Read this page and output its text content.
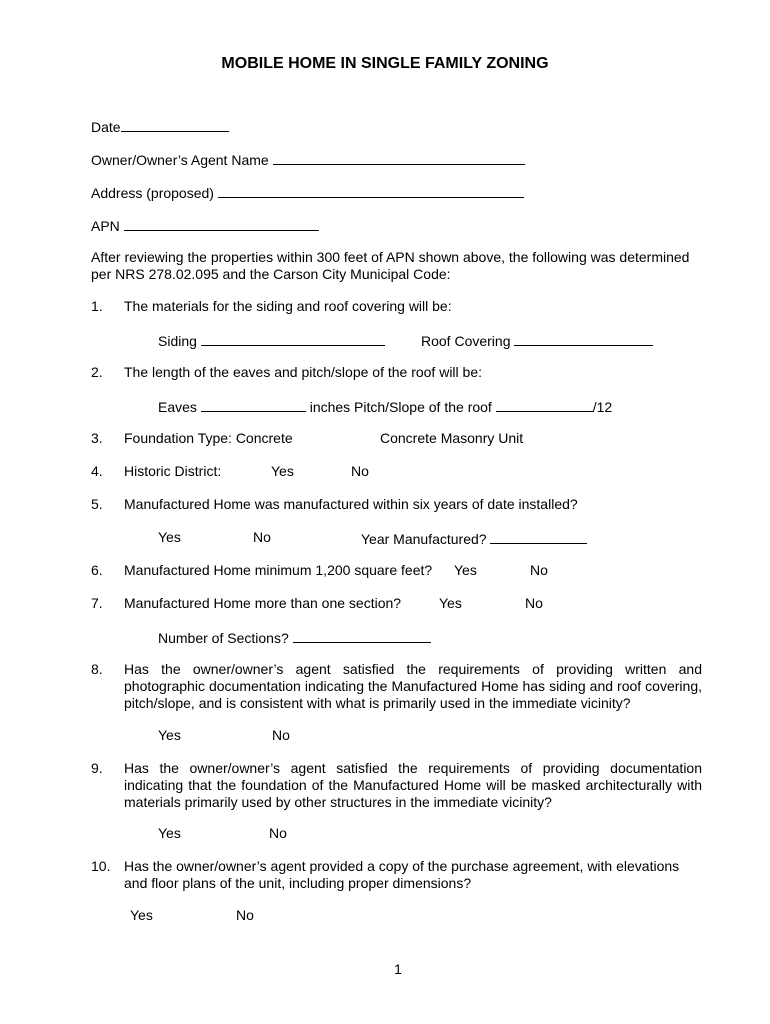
MOBILE HOME IN SINGLE FAMILY ZONING
Date
Owner/Owner’s Agent Name
Address (proposed)
APN
After reviewing the properties within 300 feet of APN shown above, the following was determined per NRS 278.02.095 and the Carson City Municipal Code:
1. The materials for the siding and roof covering will be:
Siding	Roof Covering
2. The length of the eaves and pitch/slope of the roof will be:
Eaves	inches Pitch/Slope of the roof	/12
3. Foundation Type: Concrete	Concrete Masonry Unit
4. Historic District:	Yes	No
5. Manufactured Home was manufactured within six years of date installed?
Yes	No	Year Manufactured?
6. Manufactured Home minimum 1,200 square feet? Yes	No
7. Manufactured Home more than one section?	Yes	No
Number of Sections?
8. Has the owner/owner’s agent satisfied the requirements of providing written and photographic documentation indicating the Manufactured Home has siding and roof covering, pitch/slope, and is consistent with what is primarily used in the immediate vicinity?
Yes	No
9. Has the owner/owner’s agent satisfied the requirements of providing documentation indicating that the foundation of the Manufactured Home will be masked architecturally with materials primarily used by other structures in the immediate vicinity?
Yes	No
10. Has the owner/owner’s agent provided a copy of the purchase agreement, with elevations and floor plans of the unit, including proper dimensions?
Yes	No
1
